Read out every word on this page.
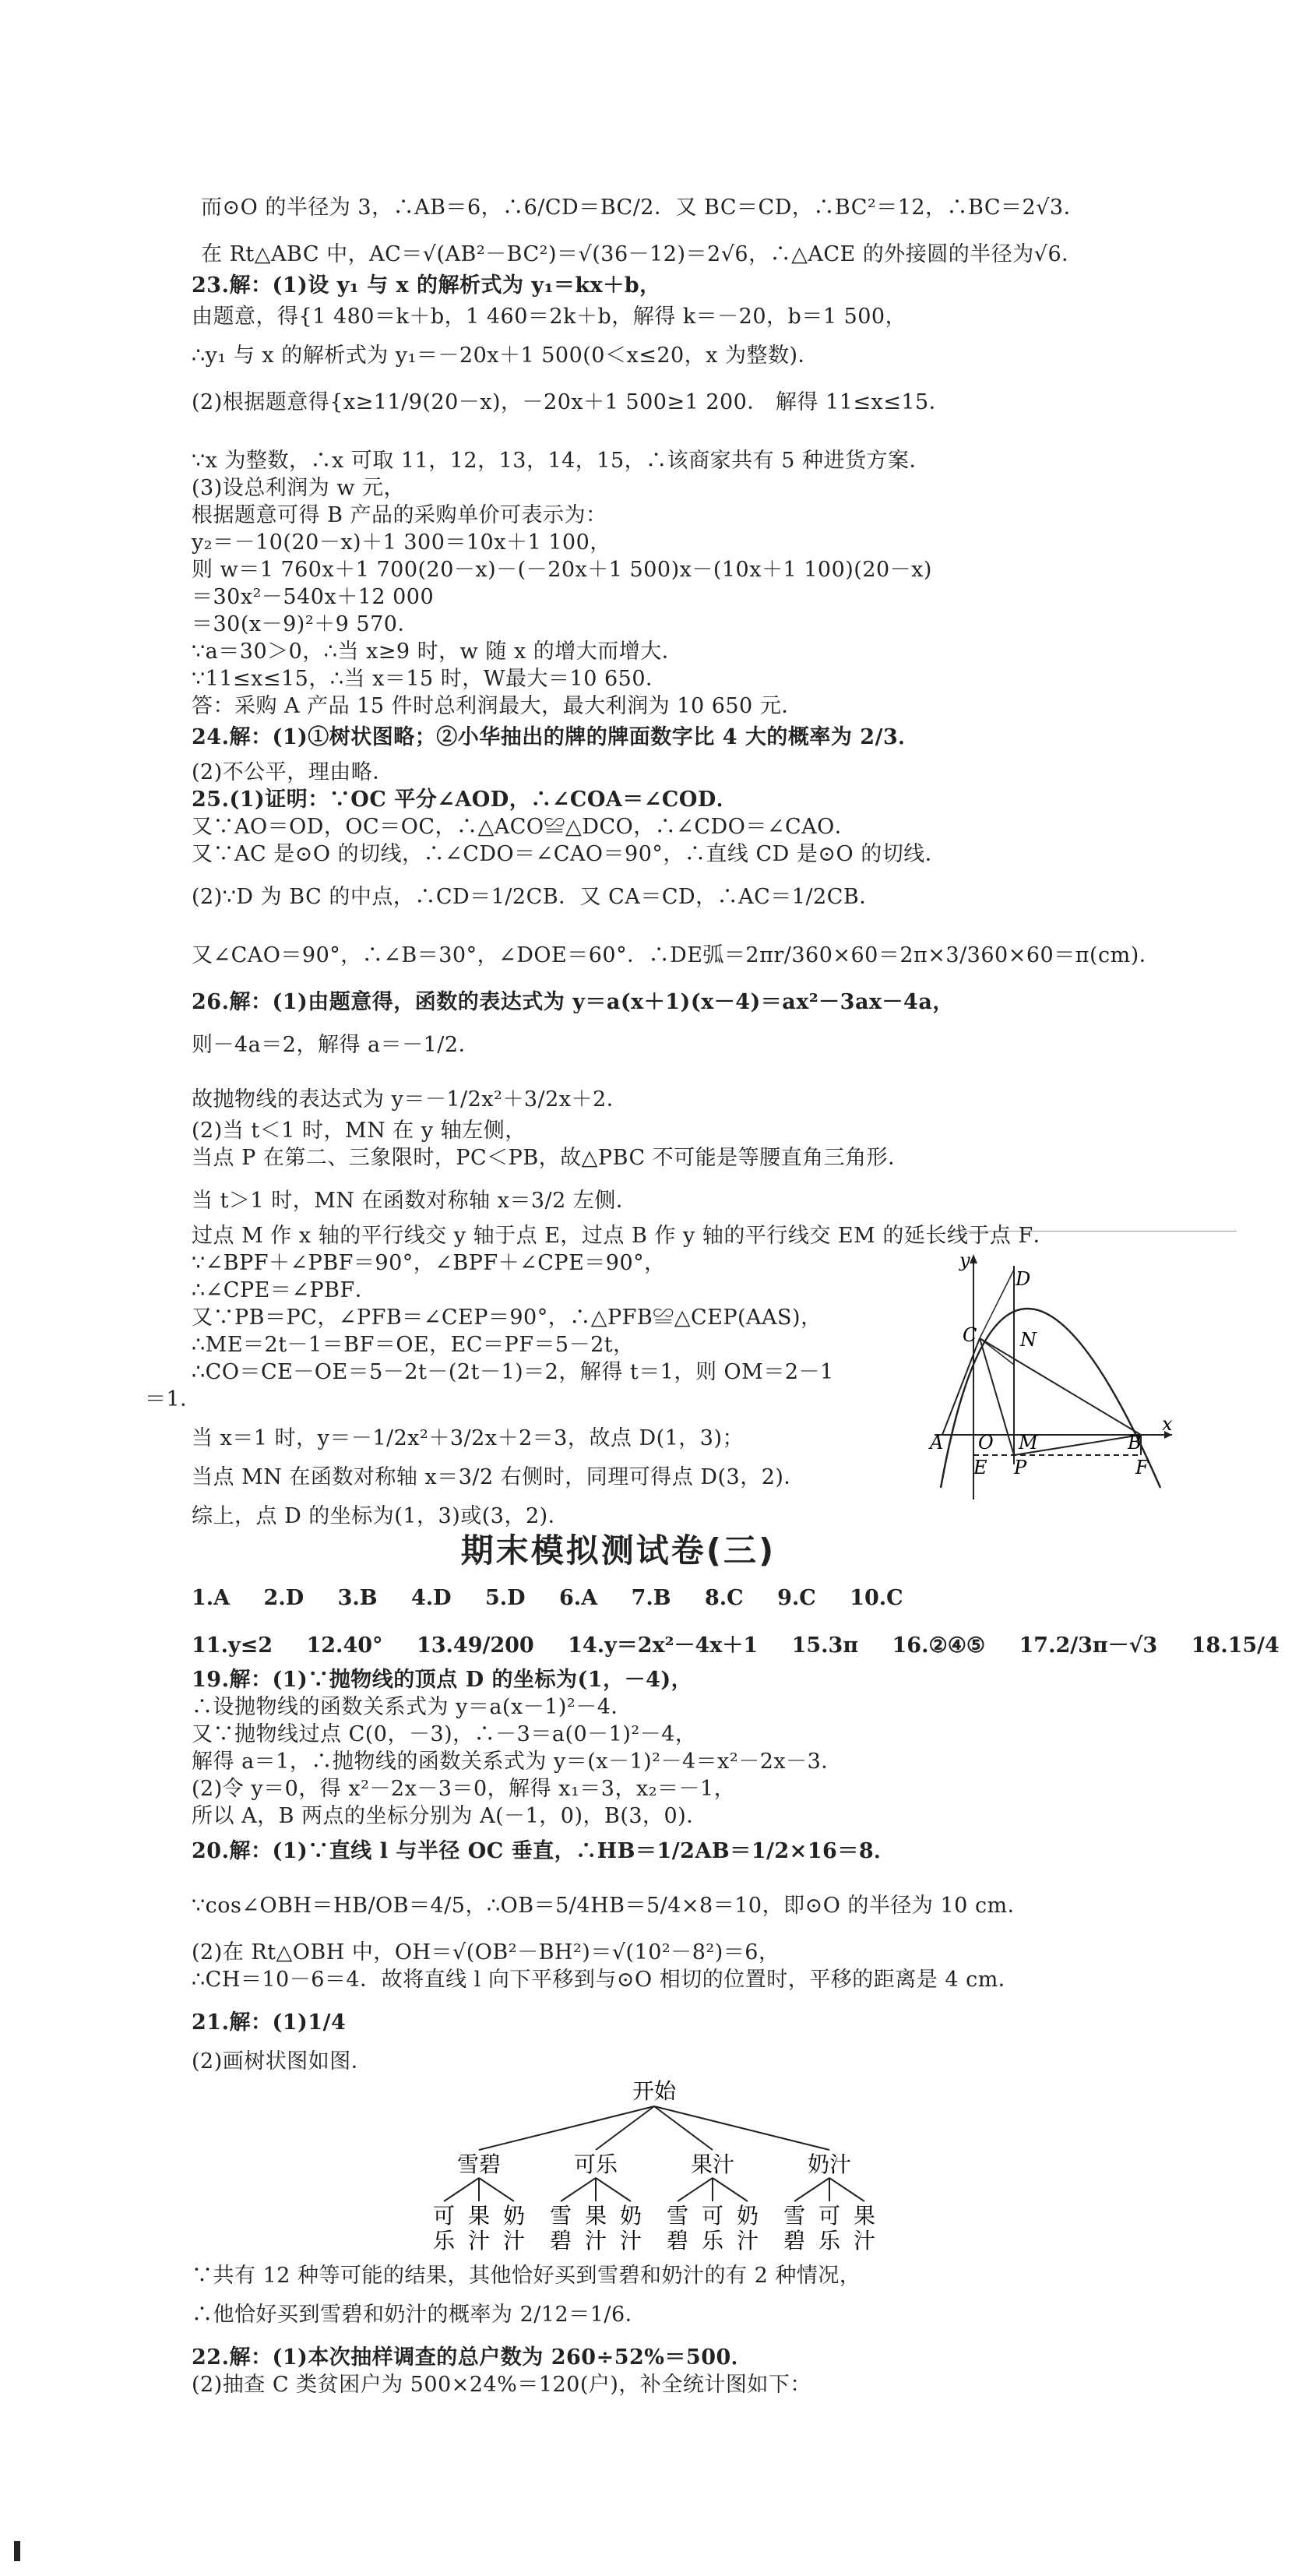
而⊙O 的半径为 3，∴AB＝6，∴6/CD＝BC/2．又 BC＝CD，∴BC²＝12，∴BC＝2√3．
在 Rt△ABC 中，AC＝√(AB²－BC²)＝√(36－12)＝2√6，∴△ACE 的外接圆的半径为√6．
23.解：(1)设 y₁ 与 x 的解析式为 y₁＝kx＋b，
由题意，得{1 480＝k＋b，1 460＝2k＋b，解得 k＝－20，b＝1 500，
∴y₁ 与 x 的解析式为 y₁＝－20x＋1 500(0＜x≤20，x 为整数)．
(2)根据题意得{x≥11/9(20－x)，－20x＋1 500≥1 200． 解得 11≤x≤15．
∵x 为整数，∴x 可取 11，12，13，14，15，∴该商家共有 5 种进货方案．
(3)设总利润为 w 元，
根据题意可得 B 产品的采购单价可表示为：
y₂＝－10(20－x)＋1 300＝10x＋1 100，
则 w＝1 760x＋1 700(20－x)－(－20x＋1 500)x－(10x＋1 100)(20－x)
＝30x²－540x＋12 000
＝30(x－9)²＋9 570．
∵a＝30＞0，∴当 x≥9 时，w 随 x 的增大而增大．
∵11≤x≤15，∴当 x＝15 时，W最大＝10 650．
答：采购 A 产品 15 件时总利润最大，最大利润为 10 650 元．
24.解：(1)①树状图略；②小华抽出的牌的牌面数字比 4 大的概率为 2/3．
(2)不公平，理由略．
25.(1)证明：∵OC 平分∠AOD，∴∠COA＝∠COD．
又∵AO＝OD，OC＝OC，∴△ACO≌△DCO，∴∠CDO＝∠CAO．
又∵AC 是⊙O 的切线，∴∠CDO＝∠CAO＝90°，∴直线 CD 是⊙O 的切线．
(2)∵D 为 BC 的中点，∴CD＝1/2CB．又 CA＝CD，∴AC＝1/2CB．
又∠CAO＝90°，∴∠B＝30°，∠DOE＝60°．∴DE弧＝2πr/360×60＝2π×3/360×60＝π(cm)．
26.解：(1)由题意得，函数的表达式为 y＝a(x＋1)(x－4)＝ax²－3ax－4a，
则－4a＝2，解得 a＝－1/2．
故抛物线的表达式为 y＝－1/2x²＋3/2x＋2．
(2)当 t＜1 时，MN 在 y 轴左侧，
当点 P 在第二、三象限时，PC＜PB，故△PBC 不可能是等腰直角三角形．
当 t＞1 时，MN 在函数对称轴 x＝3/2 左侧．
过点 M 作 x 轴的平行线交 y 轴于点 E，过点 B 作 y 轴的平行线交 EM 的延长线于点 F．
∵∠BPF＋∠PBF＝90°，∠BPF＋∠CPE＝90°，
∴∠CPE＝∠PBF．
又∵PB＝PC，∠PFB＝∠CEP＝90°，∴△PFB≌△CEP(AAS)，
∴ME＝2t－1＝BF＝OE，EC＝PF＝5－2t，
∴CO＝CE－OE＝5－2t－(2t－1)＝2，解得 t＝1，则 OM＝2－1
＝1．
当 x＝1 时，y＝－1/2x²＋3/2x＋2＝3，故点 D(1，3)；
当点 MN 在函数对称轴 x＝3/2 右侧时，同理可得点 D(3，2)．
综上，点 D 的坐标为(1，3)或(3，2)．
y
x
D
C N
A O
E
M
P
B
F
期末模拟测试卷(三)
1.A 2.D 3.B 4.D 5.D 6.A 7.B 8.C 9.C 10.C
11.y≤2 12.40° 13.49/200 14.y＝2x²－4x＋1 15.3π 16.②④⑤ 17.2/3π－√3 18.15/4
19.解：(1)∵抛物线的顶点 D 的坐标为(1，－4)，
∴设抛物线的函数关系式为 y＝a(x－1)²－4．
又∵抛物线过点 C(0，－3)，∴－3＝a(0－1)²－4，
解得 a＝1，∴抛物线的函数关系式为 y＝(x－1)²－4＝x²－2x－3．
(2)令 y＝0，得 x²－2x－3＝0，解得 x₁＝3，x₂＝－1，
所以 A，B 两点的坐标分别为 A(－1，0)，B(3，0)．
20.解：(1)∵直线 l 与半径 OC 垂直，∴HB＝1/2AB＝1/2×16＝8．
∵cos∠OBH＝HB/OB＝4/5，∴OB＝5/4HB＝5/4×8＝10，即⊙O 的半径为 10 cm．
(2)在 Rt△OBH 中，OH＝√(OB²－BH²)＝√(10²－8²)＝6，
∴CH＝10－6＝4．故将直线 l 向下平移到与⊙O 相切的位置时，平移的距离是 4 cm．
21.解：(1)1/4
(2)画树状图如图．
开始
雪碧	可乐	果汁	奶汁
可乐
果汁
奶汁
雪碧
果汁
奶汁
雪碧
可乐
奶汁
雪碧
可乐
果汁
∵共有 12 种等可能的结果，其他恰好买到雪碧和奶汁的有 2 种情况，
∴他恰好买到雪碧和奶汁的概率为 2/12＝1/6．
22.解：(1)本次抽样调查的总户数为 260÷52%＝500．
(2)抽查 C 类贫困户为 500×24%＝120(户)，补全统计图如下：
